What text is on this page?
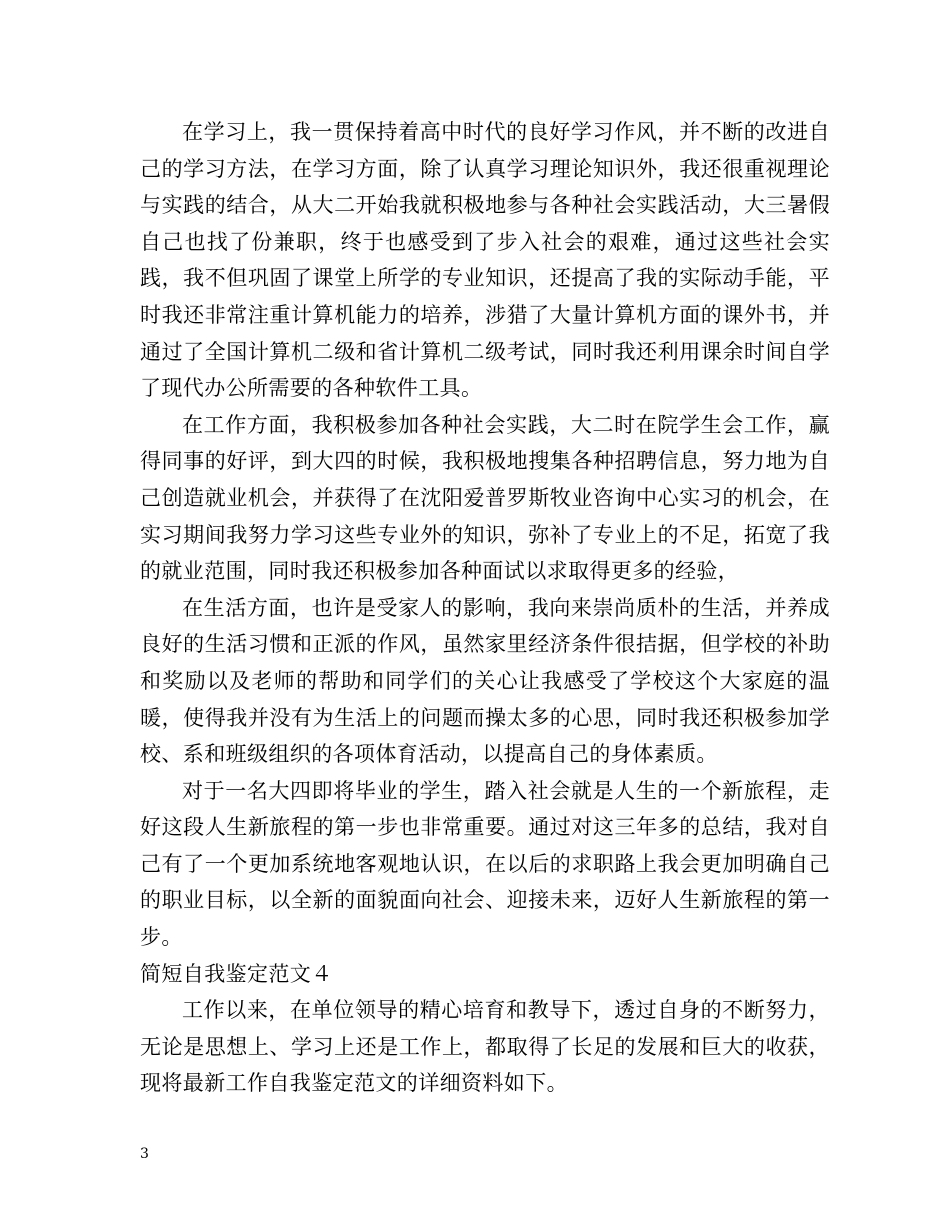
在学习上，我一贯保持着高中时代的良好学习作风，并不断的改进自己的学习方法，在学习方面，除了认真学习理论知识外，我还很重视理论与实践的结合，从大二开始我就积极地参与各种社会实践活动，大三暑假自己也找了份兼职，终于也感受到了步入社会的艰难，通过这些社会实践，我不但巩固了课堂上所学的专业知识，还提高了我的实际动手能，平时我还非常注重计算机能力的培养，涉猎了大量计算机方面的课外书，并通过了全国计算机二级和省计算机二级考试，同时我还利用课余时间自学了现代办公所需要的各种软件工具。

在工作方面，我积极参加各种社会实践，大二时在院学生会工作，赢得同事的好评，到大四的时候，我积极地搜集各种招聘信息，努力地为自己创造就业机会，并获得了在沈阳爱普罗斯牧业咨询中心实习的机会，在实习期间我努力学习这些专业外的知识，弥补了专业上的不足，拓宽了我的就业范围，同时我还积极参加各种面试以求取得更多的经验，

在生活方面，也许是受家人的影响，我向来崇尚质朴的生活，并养成良好的生活习惯和正派的作风，虽然家里经济条件很拮据，但学校的补助和奖励以及老师的帮助和同学们的关心让我感受了学校这个大家庭的温暖，使得我并没有为生活上的问题而操太多的心思，同时我还积极参加学校、系和班级组织的各项体育活动，以提高自己的身体素质。

对于一名大四即将毕业的学生，踏入社会就是人生的一个新旅程，走好这段人生新旅程的第一步也非常重要。通过对这三年多的总结，我对自己有了一个更加系统地客观地认识，在以后的求职路上我会更加明确自己的职业目标，以全新的面貌面向社会、迎接未来，迈好人生新旅程的第一步。

简短自我鉴定范文４

工作以来，在单位领导的精心培育和教导下，透过自身的不断努力，无论是思想上、学习上还是工作上，都取得了长足的发展和巨大的收获，现将最新工作自我鉴定范文的详细资料如下。

3
